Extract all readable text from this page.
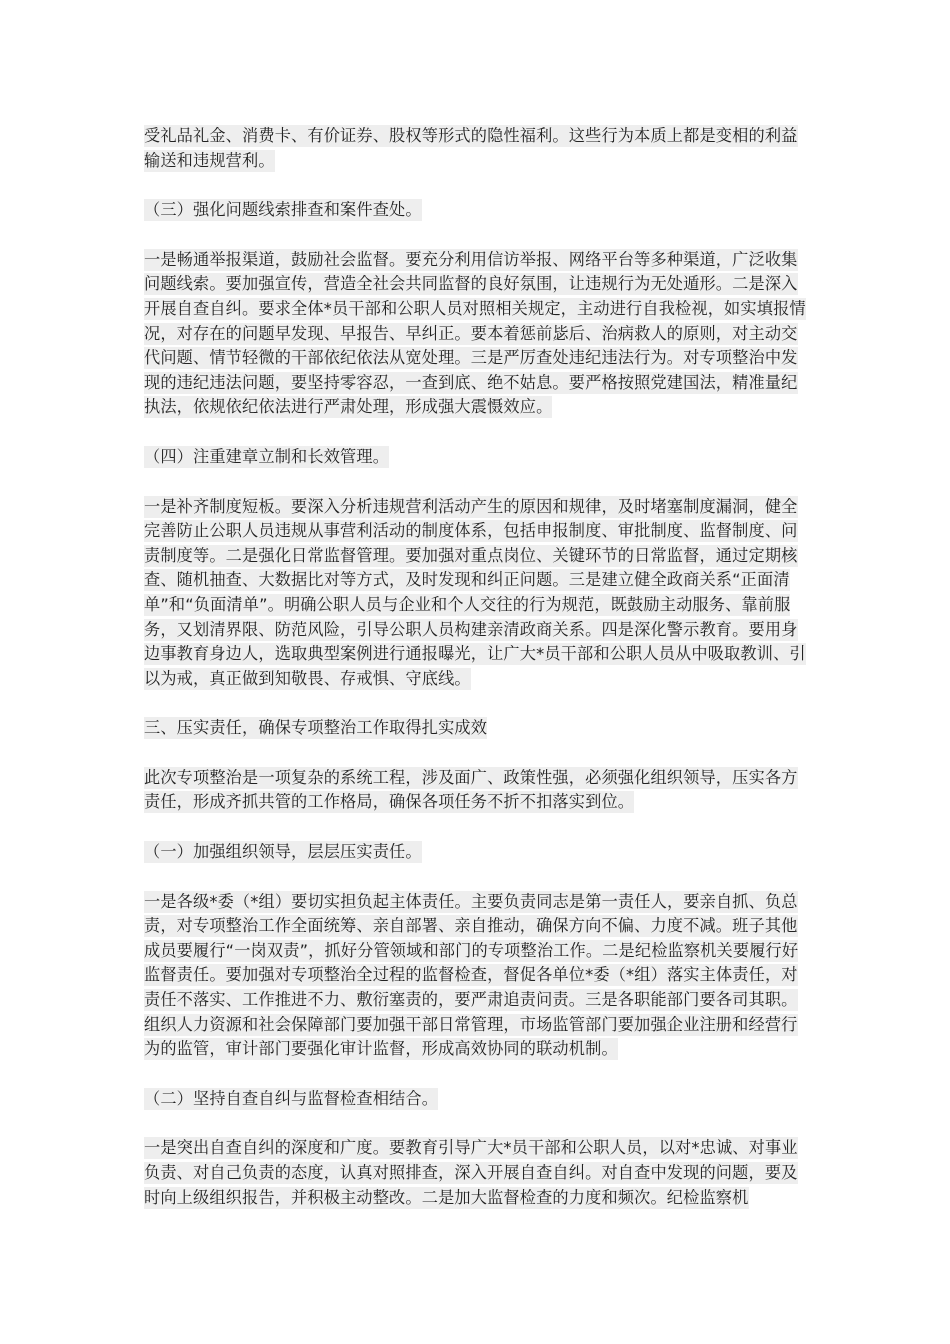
受礼品礼金、消费卡、有价证券、股权等形式的隐性福利。这些行为本质上都是变相的利益输送和违规营利。

（三）强化问题线索排查和案件查处。

一是畅通举报渠道，鼓励社会监督。要充分利用信访举报、网络平台等多种渠道，广泛收集问题线索。要加强宣传，营造全社会共同监督的良好氛围，让违规行为无处遁形。二是深入开展自查自纠。要求全体*员干部和公职人员对照相关规定，主动进行自我检视，如实填报情况，对存在的问题早发现、早报告、早纠正。要本着惩前毖后、治病救人的原则，对主动交代问题、情节轻微的干部依纪依法从宽处理。三是严厉查处违纪违法行为。对专项整治中发现的违纪违法问题，要坚持零容忍，一查到底、绝不姑息。要严格按照党建国法，精准量纪执法，依规依纪依法进行严肃处理，形成强大震慑效应。

（四）注重建章立制和长效管理。

一是补齐制度短板。要深入分析违规营利活动产生的原因和规律，及时堵塞制度漏洞，健全完善防止公职人员违规从事营利活动的制度体系，包括申报制度、审批制度、监督制度、问责制度等。二是强化日常监督管理。要加强对重点岗位、关键环节的日常监督，通过定期核查、随机抽查、大数据比对等方式，及时发现和纠正问题。三是建立健全政商关系“正面清单”和“负面清单”。明确公职人员与企业和个人交往的行为规范，既鼓励主动服务、靠前服务，又划清界限、防范风险，引导公职人员构建亲清政商关系。四是深化警示教育。要用身边事教育身边人，选取典型案例进行通报曝光，让广大*员干部和公职人员从中吸取教训、引以为戒，真正做到知敬畏、存戒惧、守底线。

三、压实责任，确保专项整治工作取得扎实成效

此次专项整治是一项复杂的系统工程，涉及面广、政策性强，必须强化组织领导，压实各方责任，形成齐抓共管的工作格局，确保各项任务不折不扣落实到位。

（一）加强组织领导，层层压实责任。

一是各级*委（*组）要切实担负起主体责任。主要负责同志是第一责任人，要亲自抓、负总责，对专项整治工作全面统筹、亲自部署、亲自推动，确保方向不偏、力度不减。班子其他成员要履行“一岗双责”，抓好分管领域和部门的专项整治工作。二是纪检监察机关要履行好监督责任。要加强对专项整治全过程的监督检查，督促各单位*委（*组）落实主体责任，对责任不落实、工作推进不力、敷衍塞责的，要严肃追责问责。三是各职能部门要各司其职。组织人力资源和社会保障部门要加强干部日常管理，市场监管部门要加强企业注册和经营行为的监管，审计部门要强化审计监督，形成高效协同的联动机制。

（二）坚持自查自纠与监督检查相结合。

一是突出自查自纠的深度和广度。要教育引导广大*员干部和公职人员，以对*忠诚、对事业负责、对自己负责的态度，认真对照排查，深入开展自查自纠。对自查中发现的问题，要及时向上级组织报告，并积极主动整改。二是加大监督检查的力度和频次。纪检监察机
